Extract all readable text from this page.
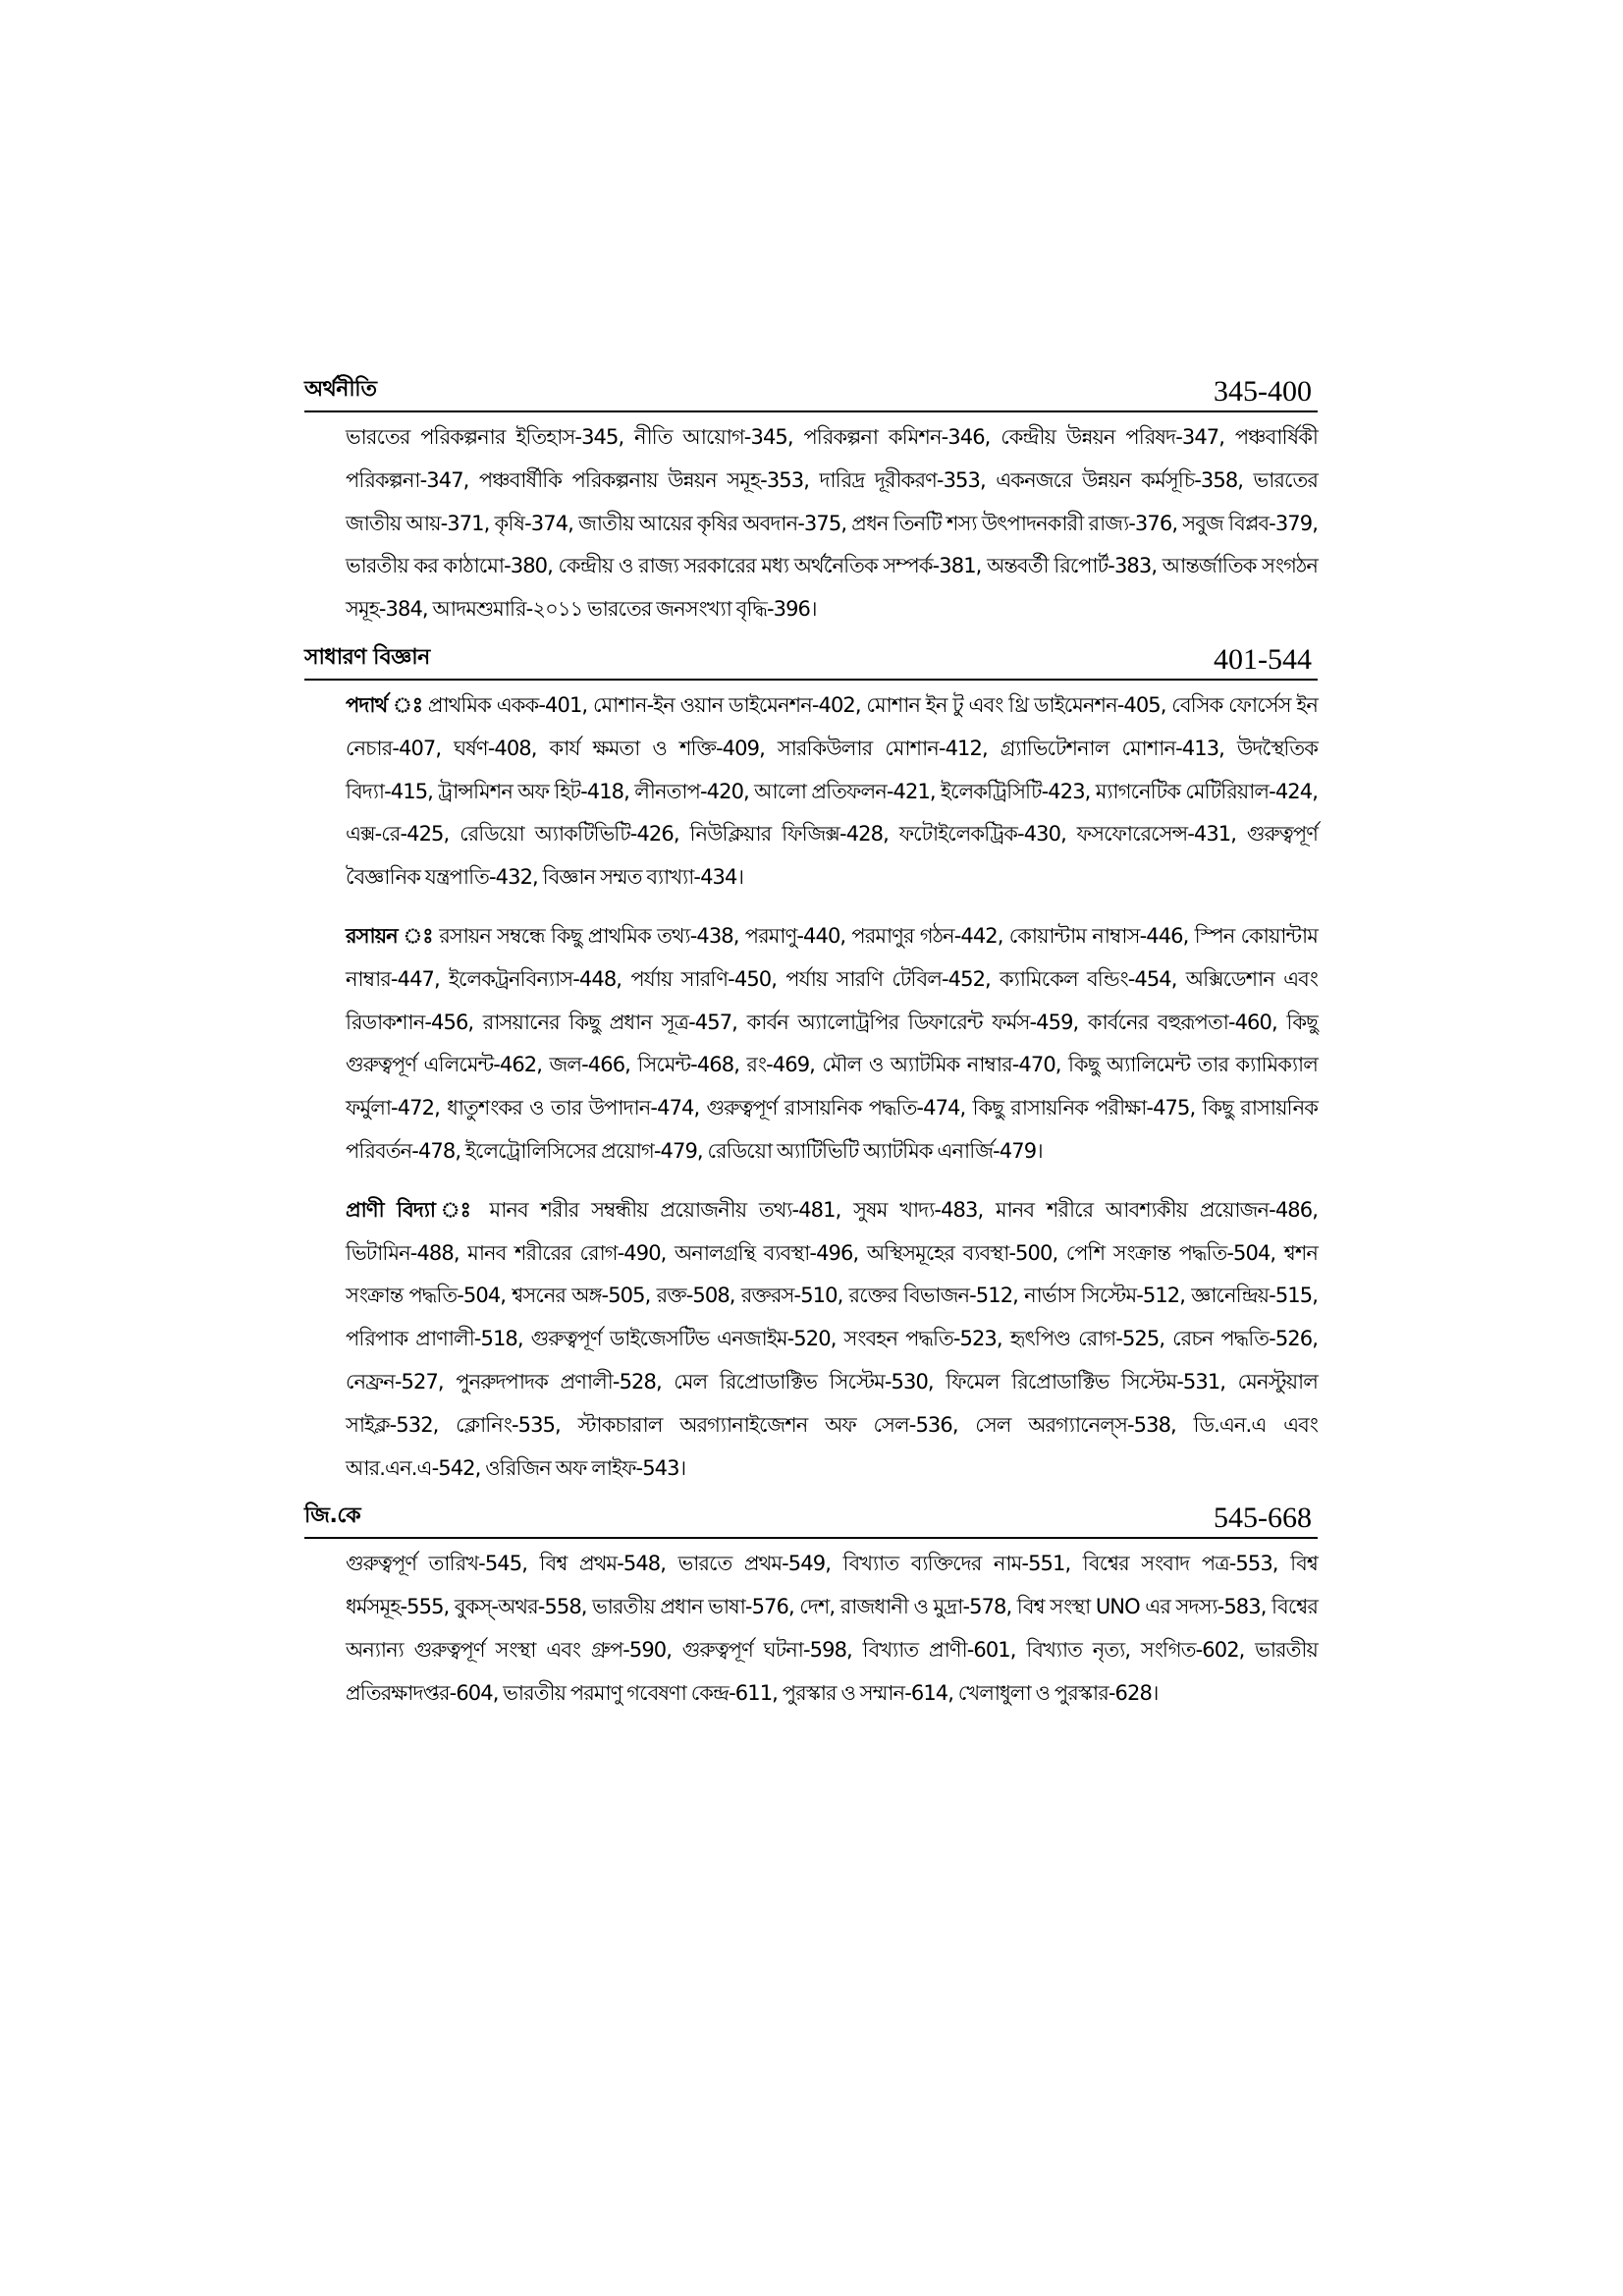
অর্থনীতি	345-400

ভারতের পরিকল্পনার ইতিহাস-345, নীতি আয়োগ-345, পরিকল্পনা কমিশন-346, কেন্দ্রীয় উন্নয়ন পরিষদ-347, পঞ্চবার্ষিকী পরিকল্পনা-347, পঞ্চবার্ষীকি পরিকল্পনায় উন্নয়ন সমূহ-353, দারিদ্র দূরীকরণ-353, একনজরে উন্নয়ন কর্মসূচি-358, ভারতের জাতীয় আয়-371, কৃষি-374, জাতীয় আয়ের কৃষির অবদান-375, প্রধন তিনটি শস্য উৎপাদনকারী রাজ্য-376, সবুজ বিপ্লব-379, ভারতীয় কর কাঠামো-380, কেন্দ্রীয় ও রাজ্য সরকারের মধ্য অর্থনৈতিক সম্পর্ক-381, অন্তবর্তী রিপোর্ট-383, আন্তর্জাতিক সংগঠন সমূহ-384, আদমশুমারি-২০১১ ভারতের জনসংখ্যা বৃদ্ধি-396।

সাধারণ বিজ্ঞান	401-544

পদার্থ ঃ প্রাথমিক একক-401, মোশান-ইন ওয়ান ডাইমেনশন-402, মোশান ইন টু এবং থ্রি ডাইমেনশন-405, বেসিক ফোর্সেস ইন নেচার-407, ঘর্ষণ-408, কার্য ক্ষমতা ও শক্তি-409, সারকিউলার মোশান-412, গ্র্যাভিটেশনাল মোশান-413, উদস্থৈতিক বিদ্যা-415, ট্রান্সমিশন অফ হিট-418, লীনতাপ-420, আলো প্রতিফলন-421, ইলেকট্রিসিটি-423, ম্যাগনেটিক মেটিরিয়াল-424, এক্স-রে-425, রেডিয়ো অ্যাকটিভিটি-426, নিউক্লিয়ার ফিজিক্স-428, ফটোইলেকট্রিক-430, ফসফোরেসেন্স-431, গুরুত্বপূর্ণ বৈজ্ঞানিক যন্ত্রপাতি-432, বিজ্ঞান সম্মত ব্যাখ্যা-434।

রসায়ন ঃ রসায়ন সম্বন্ধে কিছু প্রাথমিক তথ্য-438, পরমাণু-440, পরমাণুর গঠন-442, কোয়ান্টাম নাম্বাস-446, স্পিন কোয়ান্টাম নাম্বার-447, ইলেকট্রনবিন্যাস-448, পর্যায় সারণি-450, পর্যায় সারণি টেবিল-452, ক্যামিকেল বন্ডিং-454, অক্সিডেশান এবং রিডাকশান-456, রাসয়ানের কিছু প্রধান সূত্র-457, কার্বন অ্যালোট্রপির ডিফারেন্ট ফর্মস-459, কার্বনের বহুরূপতা-460, কিছু গুরুত্বপূর্ণ এলিমেন্ট-462, জল-466, সিমেন্ট-468, রং-469, মৌল ও অ্যাটমিক নাম্বার-470, কিছু অ্যালিমেন্ট তার ক্যামিক্যাল ফর্মুলা-472, ধাতুশংকর ও তার উপাদান-474, গুরুত্বপূর্ণ রাসায়নিক পদ্ধতি-474, কিছু রাসায়নিক পরীক্ষা-475, কিছু রাসায়নিক পরিবর্তন-478, ইলেট্রোলিসিসের প্রয়োগ-479, রেডিয়ো অ্যাটিভিটি অ্যাটমিক এনার্জি-479।

প্রাণী বিদ্যা ঃ মানব শরীর সম্বন্ধীয় প্রয়োজনীয় তথ্য-481, সুষম খাদ্য-483, মানব শরীরে আবশ্যকীয় প্রয়োজন-486, ভিটামিন-488, মানব শরীরের রোগ-490, অনালগ্রন্থি ব্যবস্থা-496, অস্থিসমূহের ব্যবস্থা-500, পেশি সংক্রান্ত পদ্ধতি-504, শ্বশন সংক্রান্ত পদ্ধতি-504, শ্বসনের অঙ্গ-505, রক্ত-508, রক্তরস-510, রক্তের বিভাজন-512, নার্ভাস সিস্টেম-512, জ্ঞানেন্দ্রিয়-515, পরিপাক প্রাণালী-518, গুরুত্বপূর্ণ ডাইজেসটিভ এনজাইম-520, সংবহন পদ্ধতি-523, হৃৎপিণ্ড রোগ-525, রেচন পদ্ধতি-526, নেফ্রন-527, পুনরুদপাদক প্রণালী-528, মেল রিপ্রোডাক্টিভ সিস্টেম-530, ফিমেল রিপ্রোডাক্টিভ সিস্টেম-531, মেনস্টুয়াল সাইক্ল-532, ক্লোনিং-535, স্টাকচারাল অরগ্যানাইজেশন অফ সেল-536, সেল অরগ্যানেল্স-538, ডি.এন.এ এবং আর.এন.এ-542, ওরিজিন অফ লাইফ-543।

জি.কে	545-668

গুরুত্বপূর্ণ তারিখ-545, বিশ্ব প্রথম-548, ভারতে প্রথম-549, বিখ্যাত ব্যক্তিদের নাম-551, বিশ্বের সংবাদ পত্র-553, বিশ্ব ধর্মসমূহ-555, বুকস্-অথর-558, ভারতীয় প্রধান ভাষা-576, দেশ, রাজধানী ও মুদ্রা-578, বিশ্ব সংস্থা UNO এর সদস্য-583, বিশ্বের অন্যান্য গুরুত্বপূর্ণ সংস্থা এবং গ্রুপ-590, গুরুত্বপূর্ণ ঘটনা-598, বিখ্যাত প্রাণী-601, বিখ্যাত নৃত্য, সংগিত-602, ভারতীয় প্রতিরক্ষাদপ্তর-604, ভারতীয় পরমাণু গবেষণা কেন্দ্র-611, পুরস্কার ও সম্মান-614, খেলাধুলা ও পুরস্কার-628।
